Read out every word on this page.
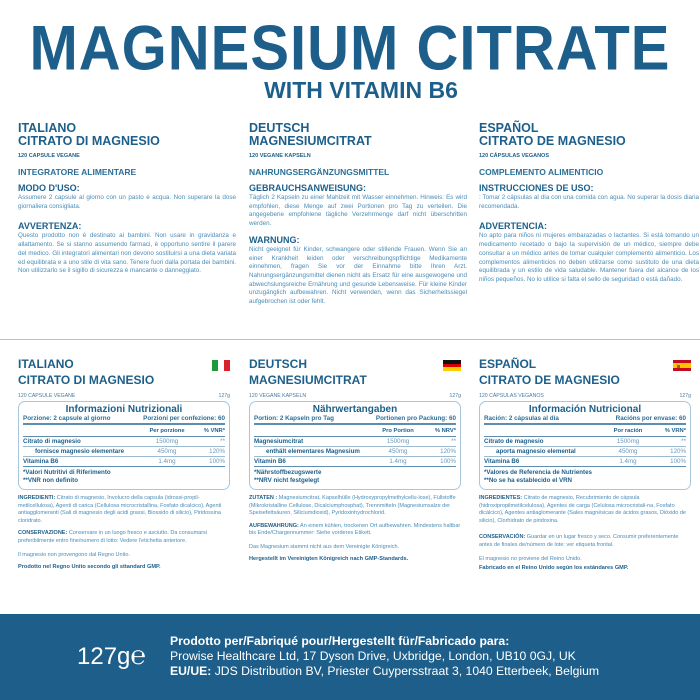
MAGNESIUM CITRATE
WITH VITAMIN B6
ITALIANO
CITRATO DI MAGNESIO
120 CAPSULE VEGANE
INTEGRATORE ALIMENTARE
MODO D'USO:
Assumere 2 capsule al giorno con un pasto e acqua. Non superare la dose giornaliera consigliata.
AVVERTENZA:
Questo prodotto non è destinato ai bambini. Non usare in gravidanza e allattamento. Se si stanno assumendo farmaci, è opportuno sentire il parere del medico. Gli integratori alimentari non devono sostituirsi a una dieta variata ed equilibrata e a uno stile di vita sano. Tenere fuori dalla portata dei bambini. Non utilizzarlo se il sigillo di sicurezza è mancante o danneggiato.
DEUTSCH
MAGNESIUMCITRAT
120 VEGANE KAPSELN
NAHRUNGSERGÄNZUNGSMITTEL
GEBRAUCHSANWEISUNG:
Täglich 2 Kapseln zu einer Mahlzeit mit Wasser einnehmen. Hinweis: Es wird empfohlen, diese Menge auf zwei Portionen pro Tag zu verteilen. Die angegebene empfohlene tägliche Verzehrmenge darf nicht überschritten werden.
WARNUNG:
Nicht geeignet für Kinder, schwangere oder stillende Frauen. Wenn Sie an einer Krankheit leiden oder verschreibungspflichtige Medikamente einnehmen, fragen Sie vor der Einnahme bitte Ihren Arzt. Nahrungsergänzungsmittel dienen nicht als Ersatz für eine ausgewogene und abwechslungsreiche Ernährung und gesunde Lebensweise. Für kleine Kinder unzugänglich aufbewahren. Nicht verwenden, wenn das Sicherheitssiegel aufgebrochen ist oder fehlt.
ESPAÑOL
CITRATO DE MAGNESIO
120 CÁPSULAS VEGANOS
COMPLEMENTO ALIMENTICIO
INSTRUCCIONES DE USO:
: Tomar 2 cápsulas al día con una comida con agua. No superar la dosis diaria recomendada.
ADVERTENCIA:
No apto para niños ni mujeres embarazadas o lactantes. Si está tomando un medicamento recetado o bajo la supervisión de un médico, siempre debe consultar a un médico antes de tomar cualquier complemento alimenticio. Los complementos alimenticios no deben utilizarse como sustituto de una dieta equilibrada y un estilo de vida saludable. Mantener fuera del alcance de los niños pequeños. No lo utilice si falta el sello de seguridad o está dañado.
ITALIANO
CITRATO DI MAGNESIO
120 CAPSULE VEGANE	127g
Informazioni Nutrizionali
Porzione: 2 capsule al giorno	Porzioni per confezione: 60
Per porzione	% VNR*
Citrato di magnesio	1500mg	**
fornisce magnesio elementare	450mg	120%
Vitamina B6	1.4mg	100%
*Valori Nutritivi di Riferimento
**VNR non definito
INGREDIENTI: Citrato di magnesio, Involucro della capsula (idrossi-propil-metilcellulosa), Agenti di carica (Cellulosa microcristallina, Fosfato dicalcico), Agenti antiagglomeranti (Sali di magnesio degli acidi grassi, Biossido di silicio), Piridossina cloridrato.
CONSERVAZIONE: Conservare in un luogo fresco e asciutto. Da consumarsi preferibilmente entro fine/numero di lotto: Vedere l'etichetta anteriore.
Il magnesio non provengono dal Regno Unito.
Prodotto nel Regno Unito secondo gli sttandard GMP.
DEUTSCH
MAGNESIUMCITRAT
120 VEGANE KAPSELN	127g
Nährwertangaben
Portion: 2 Kapseln pro Tag	Portionen pro Packung: 60
Pro Portion	% NRV*
Magnesiumcitrat	1500mg	**
enthält elementares Magnesium	450mg	120%
Vitamin B6	1.4mg	100%
*Nährstoffbezugswerte
**NRV nicht festgelegt
ZUTATEN : Magnesiumcitrat, Kapselhülle (Hydroxypropylmethylcellu-lose), Füllstoffe (Mikrokristalline Cellulose, Dicalciumphosphat), Trennmitteln (Magnesiumsalze der Speisefettsäuren, Siliciumdioxid), Pyridoxinhydrochlorid.
AUFBEWAHRUNG: An einem kühlen, trockenen Ort aufbewahren. Mindestens haltbar bis Ende/Chargennummer: Siehe vorderes Etikett.
Das Magnesium stammt nicht aus dem Vereinigte Königreich.
Hergestellt im Vereinigten Königreich nach GMP-Standards.
ESPAÑOL
CITRATO DE MAGNESIO
120 CÁPSULAS VEGANOS	127g
Información Nutricional
Ración: 2 cápsulas al día	Racións por envase: 60
Por ración	% VRN*
Citrato de magnesio	1500mg	**
aporta magnesio elemental	450mg	120%
Vitamina B6	1.4mg	100%
*Valores de Referencia de Nutrientes
**No se ha establecido el VRN
INGREDIENTES: Citrato de magnesio, Recubrimiento de cápsula (hidroxipropilmetilcelulosa), Agentes de carga (Celulosa microcristali-na, Fosfato dicálcico), Agentes antiaglomerante (Sales magnésicas de ácidos grasos, Dióxido de silicio), Clorhidrato de piridoxina.
CONSERVACIÓN: Guardar en un lugar fresco y seco. Consumir preferentemente antes de finales de/número de lote: ver etiqueta frontal.
El magnesio no proviene del Reino Unido.
Fabricado en el Reino Unido según los estándares GMP.
127g℮ Prodotto per/Fabriqué pour/Hergestellt für/Fabricado para:
Prowise Healthcare Ltd, 17 Dyson Drive, Uxbridge, London, UB10 0GJ, UK
EU/UE: JDS Distribution BV, Priester Cuypersstraat 3, 1040 Etterbeek, Belgium
